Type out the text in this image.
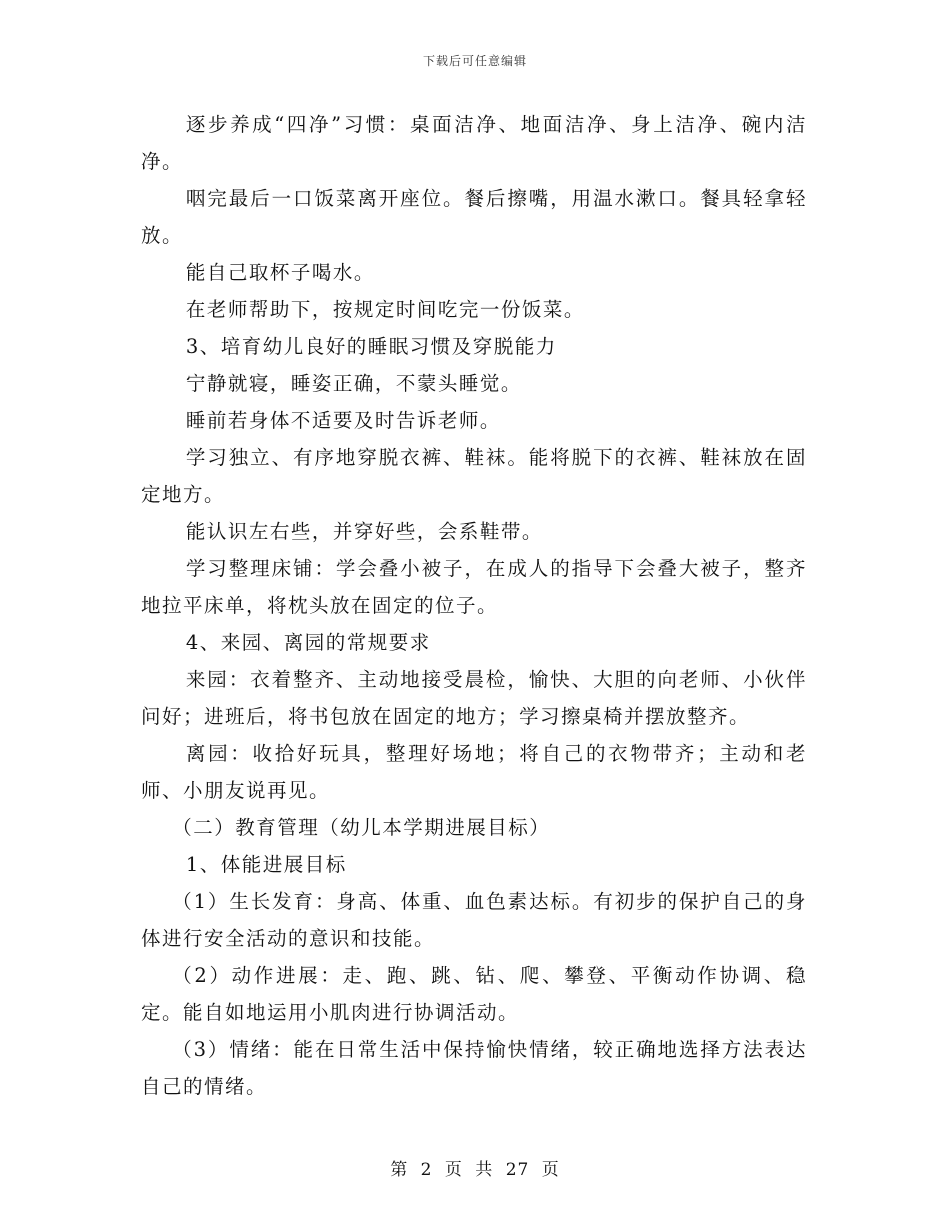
下载后可任意编辑

逐步养成“四净”习惯：桌面洁净、地面洁净、身上洁净、碗内洁净。

咽完最后一口饭菜离开座位。餐后擦嘴，用温水漱口。餐具轻拿轻放。

能自己取杯子喝水。

在老师帮助下，按规定时间吃完一份饭菜。

3、培育幼儿良好的睡眠习惯及穿脱能力

宁静就寝，睡姿正确，不蒙头睡觉。

睡前若身体不适要及时告诉老师。

学习独立、有序地穿脱衣裤、鞋袜。能将脱下的衣裤、鞋袜放在固定地方。

能认识左右些，并穿好些，会系鞋带。

学习整理床铺：学会叠小被子，在成人的指导下会叠大被子，整齐地拉平床单，将枕头放在固定的位子。

4、来园、离园的常规要求

来园：衣着整齐、主动地接受晨检，愉快、大胆的向老师、小伙伴问好；进班后，将书包放在固定的地方；学习擦桌椅并摆放整齐。

离园：收拾好玩具，整理好场地；将自己的衣物带齐；主动和老师、小朋友说再见。

（二）教育管理（幼儿本学期进展目标）

1、体能进展目标

（1）生长发育：身高、体重、血色素达标。有初步的保护自己的身体进行安全活动的意识和技能。

（2）动作进展：走、跑、跳、钻、爬、攀登、平衡动作协调、稳定。能自如地运用小肌肉进行协调活动。

（3）情绪：能在日常生活中保持愉快情绪，较正确地选择方法表达自己的情绪。

第 2 页 共 27 页
